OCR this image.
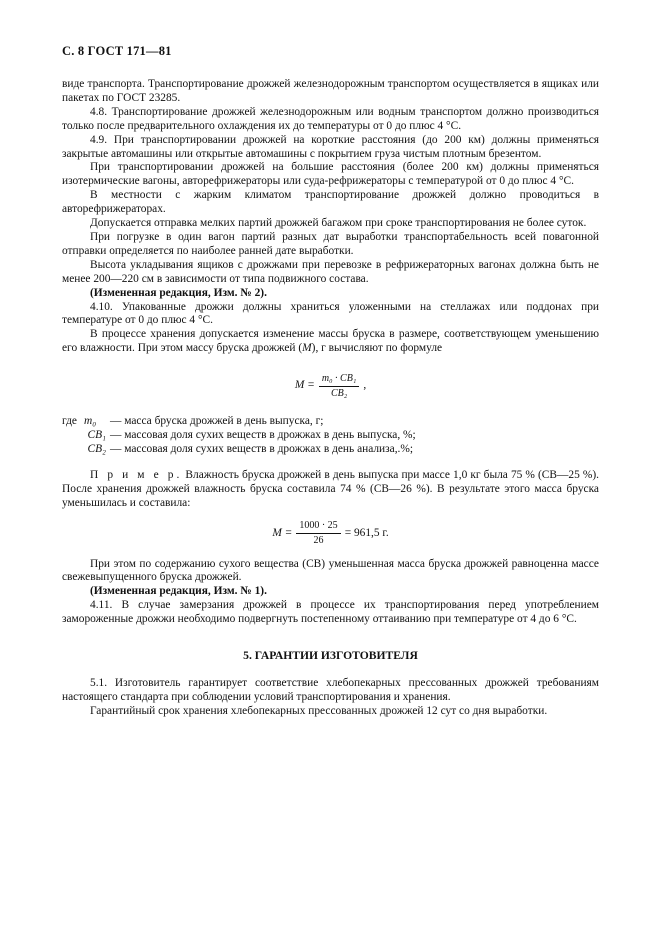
С. 8 ГОСТ 171—81

виде транспорта. Транспортирование дрожжей железнодорожным транспортом осуществляется в ящиках или пакетах по ГОСТ 23285.

4.8. Транспортирование дрожжей железнодорожным или водным транспортом должно производиться только после предварительного охлаждения их до температуры от 0 до плюс 4 °С.

4.9. При транспортировании дрожжей на короткие расстояния (до 200 км) должны применяться закрытые автомашины или открытые автомашины с покрытием груза чистым плотным брезентом.

При транспортировании дрожжей на большие расстояния (более 200 км) должны применяться изотермические вагоны, авторефрижераторы или суда-рефрижераторы с температурой от 0 до плюс 4 °С.

В местности с жарким климатом транспортирование дрожжей должно проводиться в авторефрижераторах.

Допускается отправка мелких партий дрожжей багажом при сроке транспортирования не более суток.

При погрузке в один вагон партий разных дат выработки транспортабельность всей повагонной отправки определяется по наиболее ранней дате выработки.

Высота укладывания ящиков с дрожжами при перевозке в рефрижераторных вагонах должна быть не менее 200—220 см в зависимости от типа подвижного состава.

(Измененная редакция, Изм. № 2).

4.10. Упакованные дрожжи должны храниться уложенными на стеллажах или поддонах при температуре от 0 до плюс 4 °С.

В процессе хранения допускается изменение массы бруска в размере, соответствующем уменьшению его влажности. При этом массу бруска дрожжей (M), г вычисляют по формуле

$M = \frac{\text{m₀ · CB₁}}{\text{CB₂}}$ ,
где m₀	— масса бруска дрожжей в день выпуска, г;
CB₁ — массовая доля сухих веществ в дрожжах в день выпуска, %;
CB₂ — массовая доля сухих веществ в дрожжах в день анализа,.%;

П р и м е р. Влажность бруска дрожжей в день выпуска при массе 1,0 кг была 75 % (СВ—25 %). После хранения дрожжей влажность бруска составила 74 % (СВ—26 %). В результате этого масса бруска уменьшилась и составила:

$M = \frac{1000 \cdot 25}{26} = 961,5$ г.

При этом по содержанию сухого вещества (СВ) уменьшенная масса бруска дрожжей равноценна массе свежевыпущенного бруска дрожжей.

(Измененная редакция, Изм. № 1).

4.11. В случае замерзания дрожжей в процессе их транспортирования перед употреблением замороженные дрожжи необходимо подвергнуть постепенному оттаиванию при температуре от 4 до 6 °С.

5. ГАРАНТИИ ИЗГОТОВИТЕЛЯ

5.1. Изготовитель гарантирует соответствие хлебопекарных прессованных дрожжей требованиям настоящего стандарта при соблюдении условий транспортирования и хранения.

Гарантийный срок хранения хлебопекарных прессованных дрожжей 12 сут со дня выработки.
